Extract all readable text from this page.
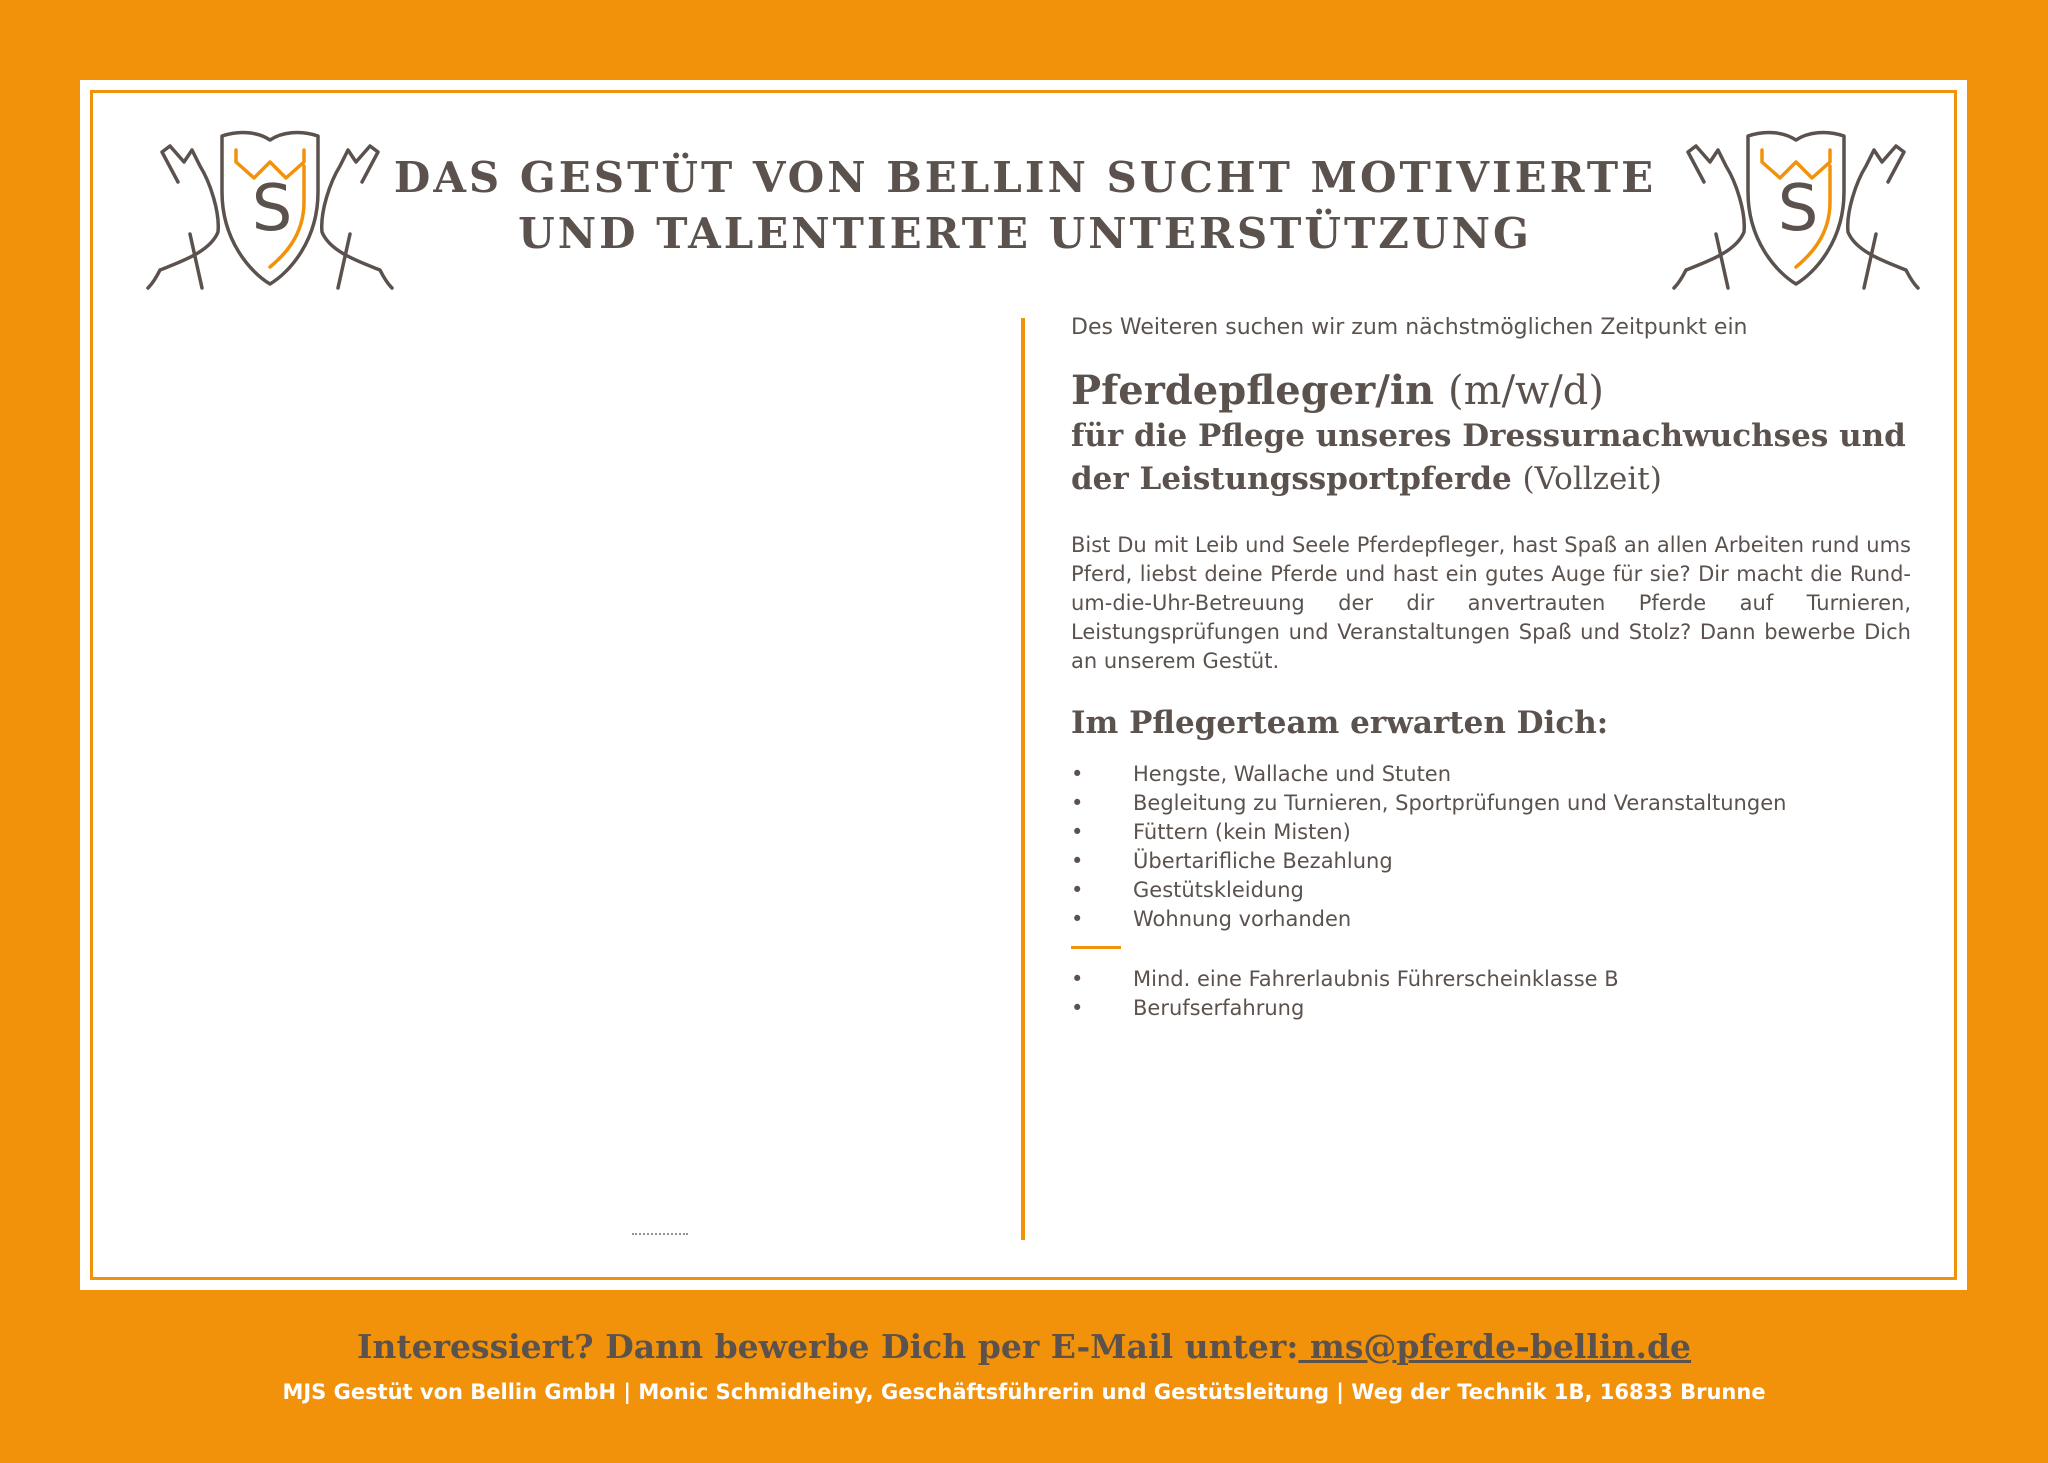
S	S
DAS GESTÜT VON BELLIN SUCHT MOTIVIERTE
UND TALENTIERTE UNTERSTÜTZUNG

Des Weiteren suchen wir zum nächstmöglichen Zeitpunkt ein

Pferdepfleger/in (m/w/d)
für die Pflege unseres Dressurnachwuchses und
der Leistungssportpferde (Vollzeit)

Bist Du mit Leib und Seele Pferdepfleger, hast Spaß an allen Arbeiten rund ums Pferd, liebst deine Pferde und hast ein gutes Auge für sie? Dir macht die Rund-um-die-Uhr-Betreuung der dir anvertrauten Pferde auf Turnieren, Leistungsprüfungen und Veranstaltungen Spaß und Stolz? Dann bewerbe Dich an unserem Gestüt.

Im Pflegerteam erwarten Dich:
• Hengste, Wallache und Stuten
• Begleitung zu Turnieren, Sportprüfungen und Veranstaltungen
• Füttern (kein Misten)
• Übertarifliche Bezahlung
• Gestütskleidung
• Wohnung vorhanden
• Mind. eine Fahrerlaubnis Führerscheinklasse B
• Berufserfahrung
Interessiert? Dann bewerbe Dich per E-Mail unter: ms@pferde-bellin.de
MJS Gestüt von Bellin GmbH | Monic Schmidheiny, Geschäftsführerin und Gestütsleitung | Weg der Technik 1B, 16833 Brunne
